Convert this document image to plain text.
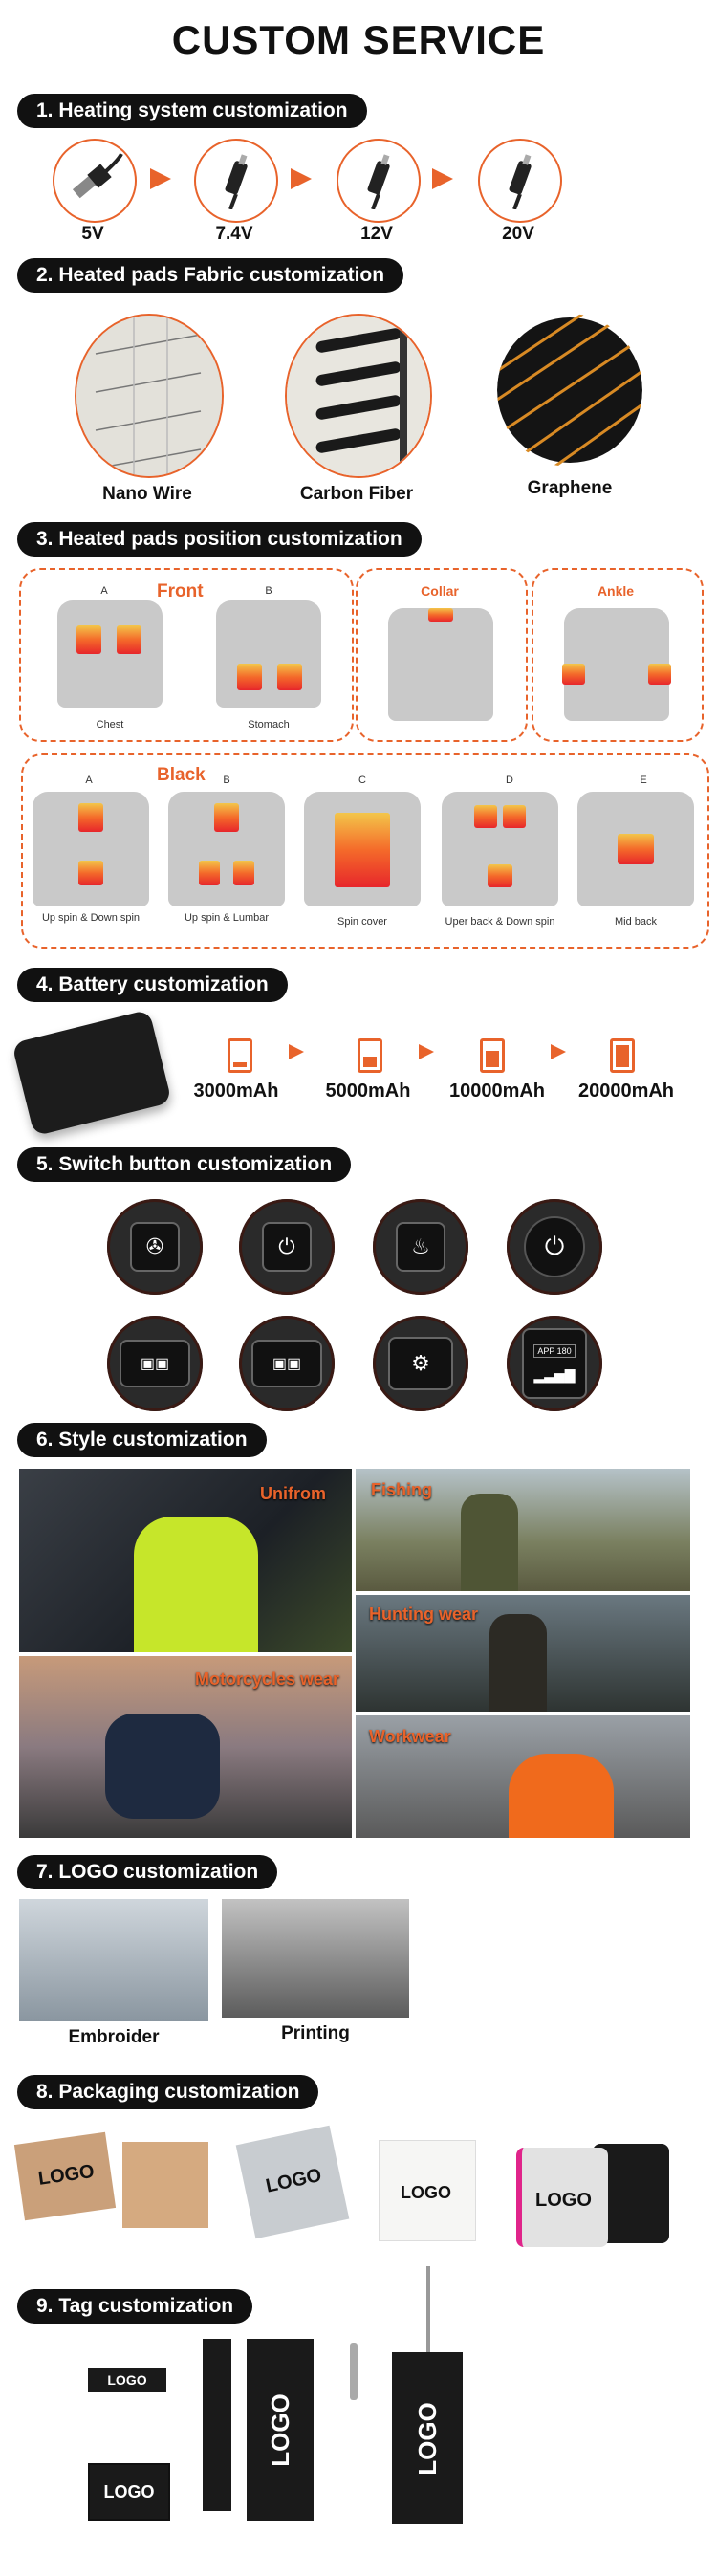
CUSTOM SERVICE
1. Heating system customization
5V	7.4V	12V	20V
2. Heated pads Fabric customization
Nano Wire	Carbon Fiber	Graphene
3. Heated pads position customization
Front
A	B
Chest	Stomach
Collar	Ankle
Black
A	B	C	D	E
Up spin & Down spin	Up spin & Lumbar	Spin cover	Uper back & Down spin	Mid back
4. Battery customization
3000mAh	5000mAh	10000mAh	20000mAh
5. Switch button customization
✇	⏻	♨	⏻
▣▣	▣▣	⚙
APP 180
▂▃▅▇
6. Style customization
Unifrom	Fishing
Hunting wear
Motorcycles wear
Workwear
7. LOGO customization
Embroider	Printing
8. Packaging customization
LOGO	LOGO	LOGO	LOGO
9. Tag customization
LOGO
LOGO
LOGO	LOGO
